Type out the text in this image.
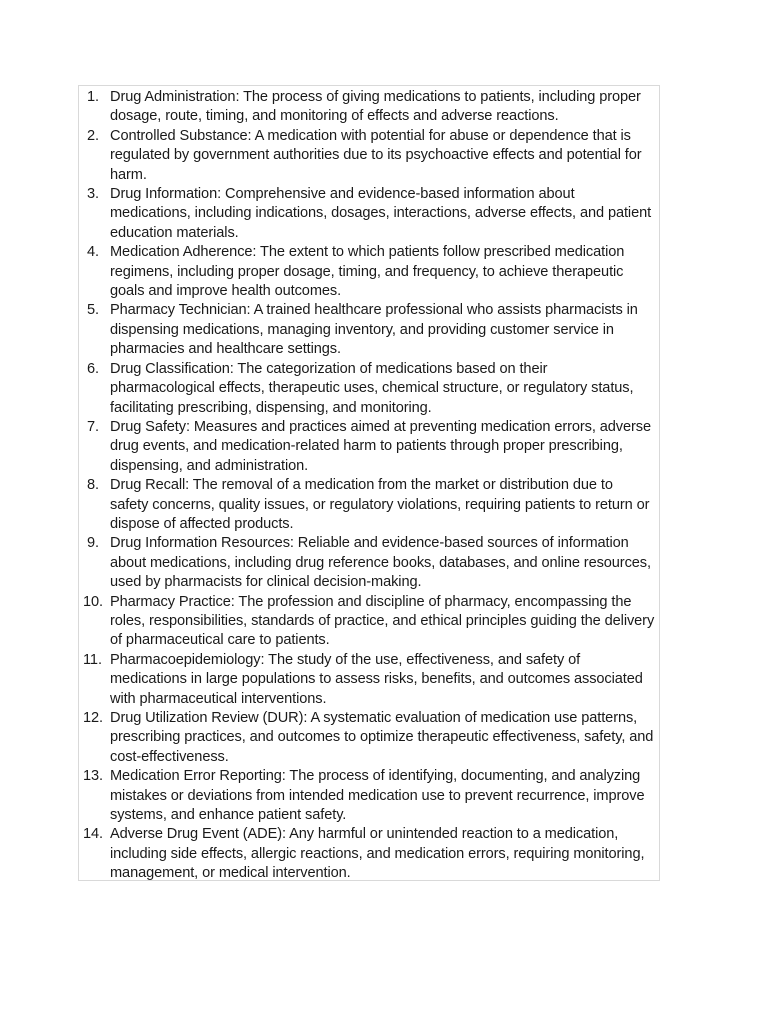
1. Drug Administration: The process of giving medications to patients, including proper dosage, route, timing, and monitoring of effects and adverse reactions.
2. Controlled Substance: A medication with potential for abuse or dependence that is regulated by government authorities due to its psychoactive effects and potential for harm.
3. Drug Information: Comprehensive and evidence-based information about medications, including indications, dosages, interactions, adverse effects, and patient education materials.
4. Medication Adherence: The extent to which patients follow prescribed medication regimens, including proper dosage, timing, and frequency, to achieve therapeutic goals and improve health outcomes.
5. Pharmacy Technician: A trained healthcare professional who assists pharmacists in dispensing medications, managing inventory, and providing customer service in pharmacies and healthcare settings.
6. Drug Classification: The categorization of medications based on their pharmacological effects, therapeutic uses, chemical structure, or regulatory status, facilitating prescribing, dispensing, and monitoring.
7. Drug Safety: Measures and practices aimed at preventing medication errors, adverse drug events, and medication-related harm to patients through proper prescribing, dispensing, and administration.
8. Drug Recall: The removal of a medication from the market or distribution due to safety concerns, quality issues, or regulatory violations, requiring patients to return or dispose of affected products.
9. Drug Information Resources: Reliable and evidence-based sources of information about medications, including drug reference books, databases, and online resources, used by pharmacists for clinical decision-making.
10. Pharmacy Practice: The profession and discipline of pharmacy, encompassing the roles, responsibilities, standards of practice, and ethical principles guiding the delivery of pharmaceutical care to patients.
11. Pharmacoepidemiology: The study of the use, effectiveness, and safety of medications in large populations to assess risks, benefits, and outcomes associated with pharmaceutical interventions.
12. Drug Utilization Review (DUR): A systematic evaluation of medication use patterns, prescribing practices, and outcomes to optimize therapeutic effectiveness, safety, and cost-effectiveness.
13. Medication Error Reporting: The process of identifying, documenting, and analyzing mistakes or deviations from intended medication use to prevent recurrence, improve systems, and enhance patient safety.
14. Adverse Drug Event (ADE): Any harmful or unintended reaction to a medication, including side effects, allergic reactions, and medication errors, requiring monitoring, management, or medical intervention.
